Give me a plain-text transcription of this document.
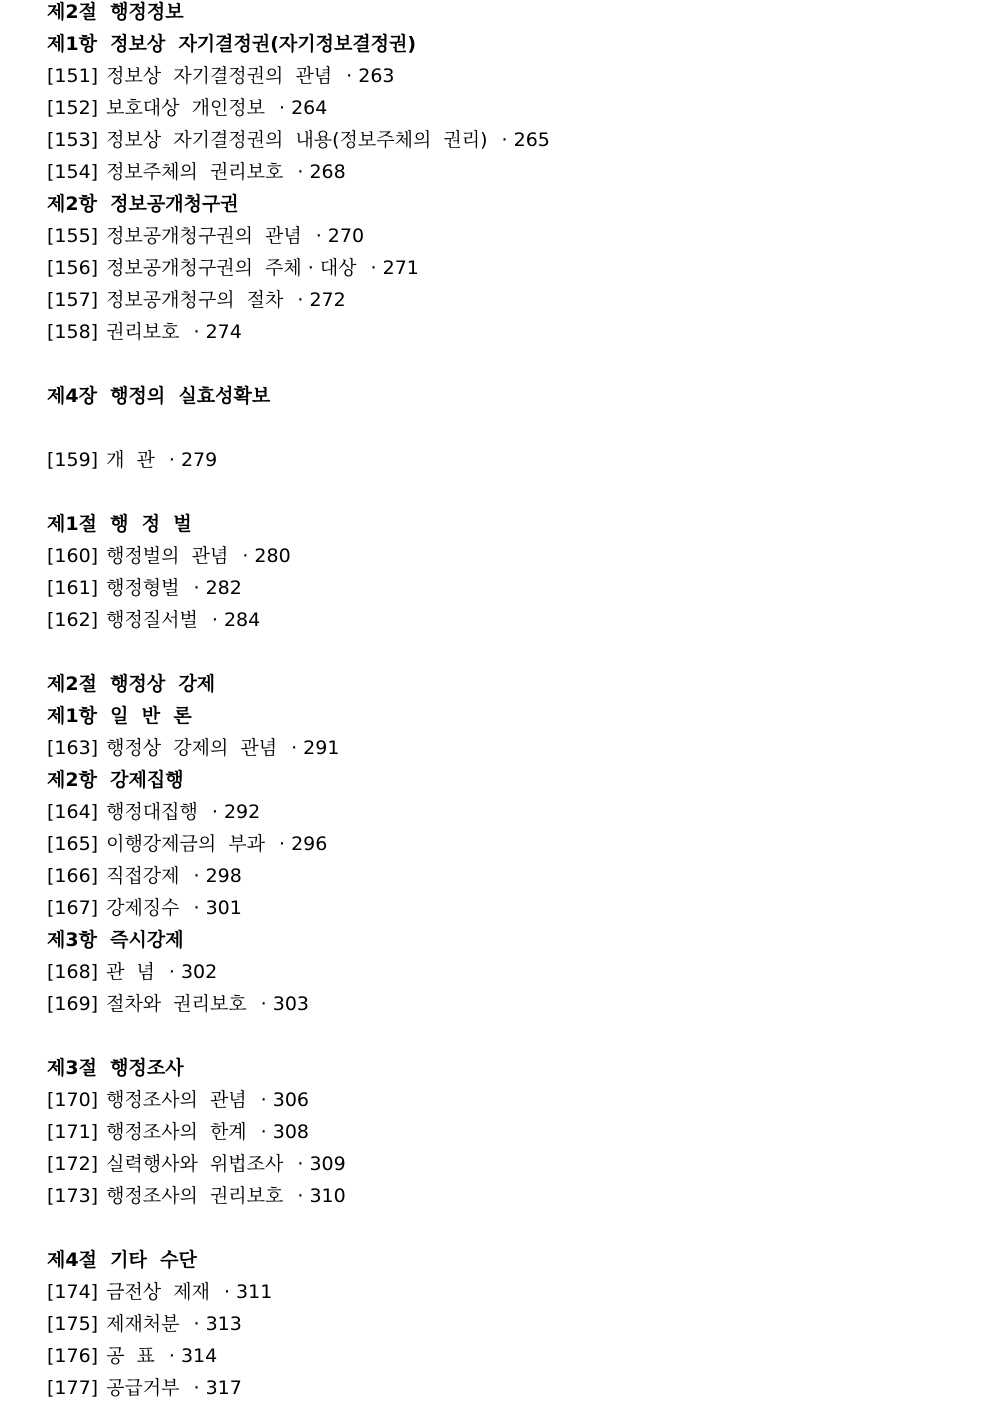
제2절  행정정보
제1항  정보상  자기결정권(자기정보결정권)
[151] 정보상  자기결정권의  관념 · 263
[152] 보호대상  개인정보 · 264
[153] 정보상  자기결정권의  내용(정보주체의  권리) · 265
[154] 정보주체의  권리보호 · 268
제2항  정보공개청구권
[155] 정보공개청구권의  관념 · 270
[156] 정보공개청구권의  주체 · 대상 · 271
[157] 정보공개청구의  절차 · 272
[158] 권리보호 · 274
제4장  행정의  실효성확보
[159] 개  관 · 279
제1절  행  정  벌
[160] 행정벌의  관념 · 280
[161] 행정형벌 · 282
[162] 행정질서벌 · 284
제2절  행정상  강제
제1항  일  반  론
[163] 행정상  강제의  관념 · 291
제2항  강제집행
[164] 행정대집행 · 292
[165] 이행강제금의  부과 · 296
[166] 직접강제 · 298
[167] 강제징수 · 301
제3항  즉시강제
[168] 관  념 · 302
[169] 절차와  권리보호 · 303
제3절  행정조사
[170] 행정조사의  관념 · 306
[171] 행정조사의  한계 · 308
[172] 실력행사와  위법조사 · 309
[173] 행정조사의  권리보호 · 310
제4절  기타  수단
[174] 금전상  제재 · 311
[175] 제재처분 · 313
[176] 공  표 · 314
[177] 공급거부 · 317
